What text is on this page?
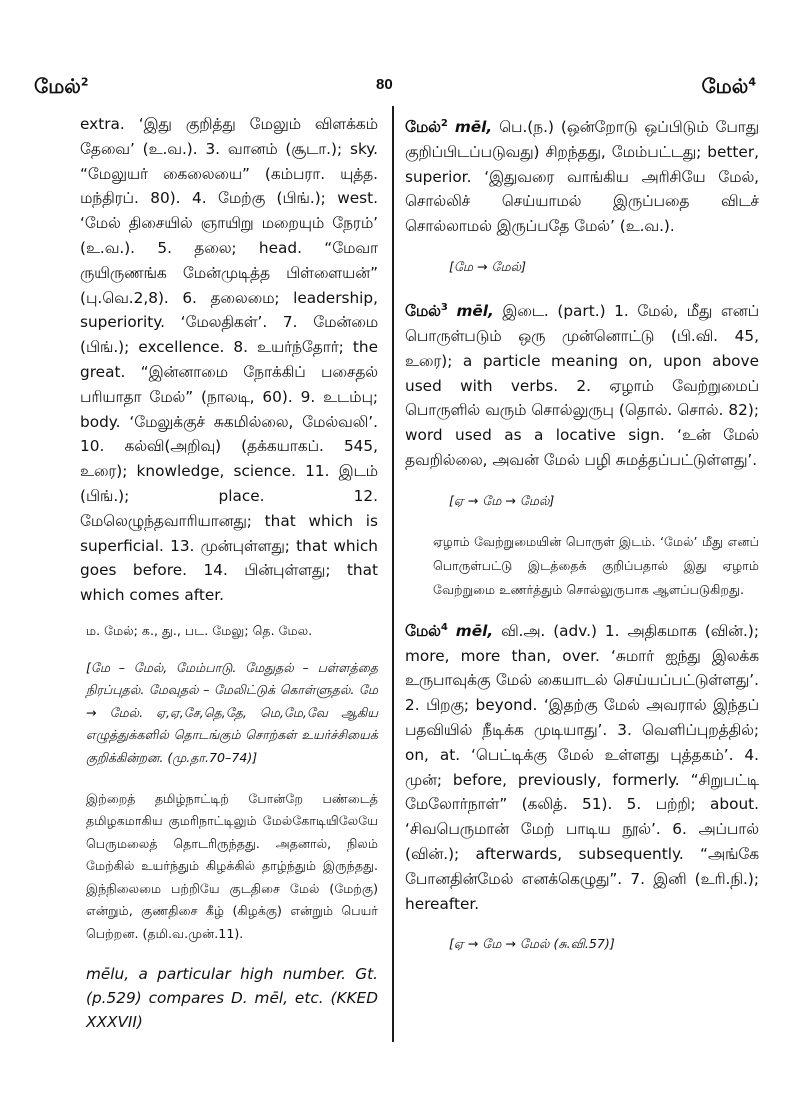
மேல்$^2$	80	மேல்$^4$

extra. ‘இது குறித்து மேலும் விளக்கம் தேவை’ (உ.வ.). 3. வானம் (சூடா.); sky. “மேலுயர் கைலையை” (கம்பரா. யுத்த. மந்திரப். 80). 4. மேற்கு (பிங்.); west. ‘மேல் திசையில் ஞாயிறு மறையும் நேரம்’ (உ.வ.). 5. தலை; head. “மேவா ருயிருணங்க மேன்முடித்த பிள்ளையன்” (பு.வெ.2,8). 6. தலைமை; leadership, superiority. ‘மேலதிகள்’. 7. மேன்மை (பிங்.); excellence. 8. உயர்ந்தோர்; the great. “இன்னாமை நோக்கிப் பசைதல் பரியாதா மேல்” (நாலடி, 60). 9. உடம்பு; body. ‘மேலுக்குச் சுகமில்லை, மேல்வலி’. 10. கல்வி(அறிவு) (தக்கயாகப். 545, உரை); knowledge, science. 11. இடம் (பிங்.); place. 12. மேலெழுந்தவாரியானது; that which is superficial. 13. முன்புள்ளது; that which goes before. 14. பின்புள்ளது; that which comes after.

ம. மேல்; க., து., பட. மேலு; தெ. மேல.

[மே – மேல், மேம்பாடு. மேதுதல் – பள்ளத்தை நிரப்புதல். மேவுதல் – மேலிட்டுக் கொள்ளுதல். மே → மேல். ஏ,ஏ,சே,தெ,தே, மெ,மே,வே ஆகிய எழுத்துக்களில் தொடங்கும் சொற்கள் உயர்ச்சியைக் குறிக்கின்றன. (மு.தா.70–74)]

இற்றைத் தமிழ்நாட்டிற் போன்றே பண்டைத் தமிழகமாகிய குமரிநாட்டிலும் மேல்கோடியிலேயே பெருமலைத் தொடரிருந்தது. அதனால், நிலம் மேற்கில் உயர்ந்தும் கிழக்கில் தாழ்ந்தும் இருந்தது. இந்நிலைமை பற்றியே குடதிசை மேல் (மேற்கு) என்றும், குணதிசை கீழ் (கிழக்கு) என்றும் பெயர் பெற்றன. (தமி.வ.முன்.11).

mēlu, a particular high number. Gt. (p.529) compares D. mēl, etc. (KKED XXXVII)

மேல்$^2$ mēl, பெ.(ந.) (ஒன்றோடு ஒப்பிடும் போது குறிப்பிடப்படுவது) சிறந்தது, மேம்பட்டது; better, superior. ‘இதுவரை வாங்கிய அரிசியே மேல், சொல்லிச் செய்யாமல் இருப்பதை விடச் சொல்லாமல் இருப்பதே மேல்’ (உ.வ.).

[மே → மேல்]

மேல்$^3$ mēl, இடை. (part.) 1. மேல், மீது எனப் பொருள்படும் ஒரு முன்னொட்டு (பி.வி. 45, உரை); a particle meaning on, upon above used with verbs. 2. ஏழாம் வேற்றுமைப் பொருளில் வரும் சொல்லுருபு (தொல். சொல். 82); word used as a locative sign. ‘உன் மேல் தவறில்லை, அவன் மேல் பழி சுமத்தப்பட்டுள்ளது’.

[ஏ → மே → மேல்]

ஏழாம் வேற்றுமையின் பொருள் இடம். ‘மேல்’ மீது எனப் பொருள்பட்டு இடத்தைக் குறிப்பதால் இது ஏழாம் வேற்றுமை உணர்த்தும் சொல்லுருபாக ஆளப்படுகிறது.

மேல்$^4$ mēl, வி.அ. (adv.) 1. அதிகமாக (வின்.); more, more than, over. ‘சுமார் ஐந்து இலக்க உருபாவுக்கு மேல் கையாடல் செய்யப்பட்டுள்ளது’. 2. பிறகு; beyond. ‘இதற்கு மேல் அவரால் இந்தப் பதவியில் நீடிக்க முடியாது’. 3. வெளிப்புறத்தில்; on, at. ‘பெட்டிக்கு மேல் உள்ளது புத்தகம்’. 4. முன்; before, previously, formerly. “சிறுபட்டி மேலோர்நாள்” (கலித். 51). 5. பற்றி; about. ‘சிவபெருமான் மேற் பாடிய நூல்’. 6. அப்பால் (வின்.); afterwards, subsequently. “அங்கே போனதின்மேல் எனக்கெழுது”. 7. இனி (உரி.நி.); hereafter.

[ஏ → மே → மேல் (சு.வி.57)]
